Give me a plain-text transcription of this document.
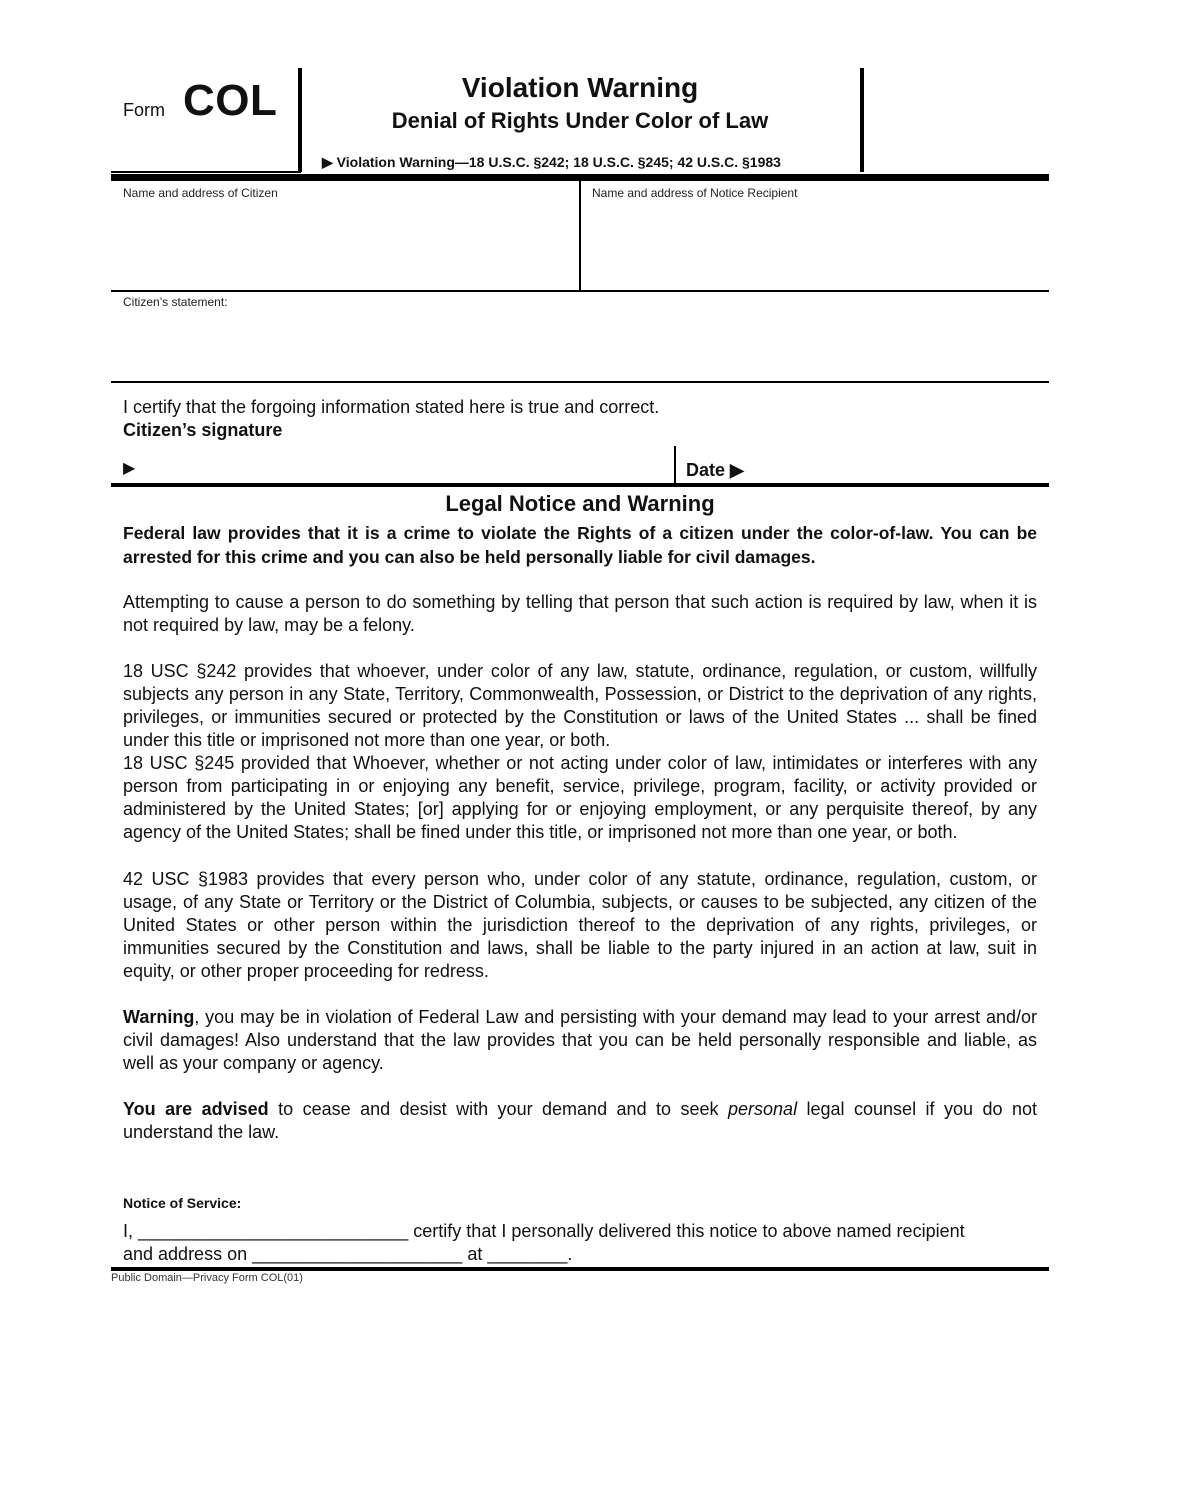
Form COL	Violation Warning
Denial of Rights Under Color of Law
▶ Violation Warning—18 U.S.C. §242; 18 U.S.C. §245; 42 U.S.C. §1983
Name and address of Citizen	Name and address of Notice Recipient
Citizen’s statement:
I certify that the forgoing information stated here is true and correct.
Citizen’s signature
▶	Date ▶
Legal Notice and Warning
Federal law provides that it is a crime to violate the Rights of a citizen under the color-of-law. You can be arrested for this crime and you can also be held personally liable for civil damages.
Attempting to cause a person to do something by telling that person that such action is required by law, when it is not required by law, may be a felony.
18 USC §242 provides that whoever, under color of any law, statute, ordinance, regulation, or custom, willfully subjects any person in any State, Territory, Commonwealth, Possession, or District to the deprivation of any rights, privileges, or immunities secured or protected by the Constitution or laws of the United States ... shall be fined under this title or imprisoned not more than one year, or both.
18 USC §245 provided that Whoever, whether or not acting under color of law, intimidates or interferes with any person from participating in or enjoying any benefit, service, privilege, program, facility, or activity provided or administered by the United States; [or] applying for or enjoying employment, or any perquisite thereof, by any agency of the United States; shall be fined under this title, or imprisoned not more than one year, or both.
42 USC §1983 provides that every person who, under color of any statute, ordinance, regulation, custom, or usage, of any State or Territory or the District of Columbia, subjects, or causes to be subjected, any citizen of the United States or other person within the jurisdiction thereof to the deprivation of any rights, privileges, or immunities secured by the Constitution and laws, shall be liable to the party injured in an action at law, suit in equity, or other proper proceeding for redress.
Warning, you may be in violation of Federal Law and persisting with your demand may lead to your arrest and/or civil damages! Also understand that the law provides that you can be held personally responsible and liable, as well as your company or agency.
You are advised to cease and desist with your demand and to seek personal legal counsel if you do not understand the law.
Notice of Service:
I, ___________________________ certify that I personally delivered this notice to above named recipient
and address on _____________________ at ________.
Public Domain—Privacy Form COL(01)
